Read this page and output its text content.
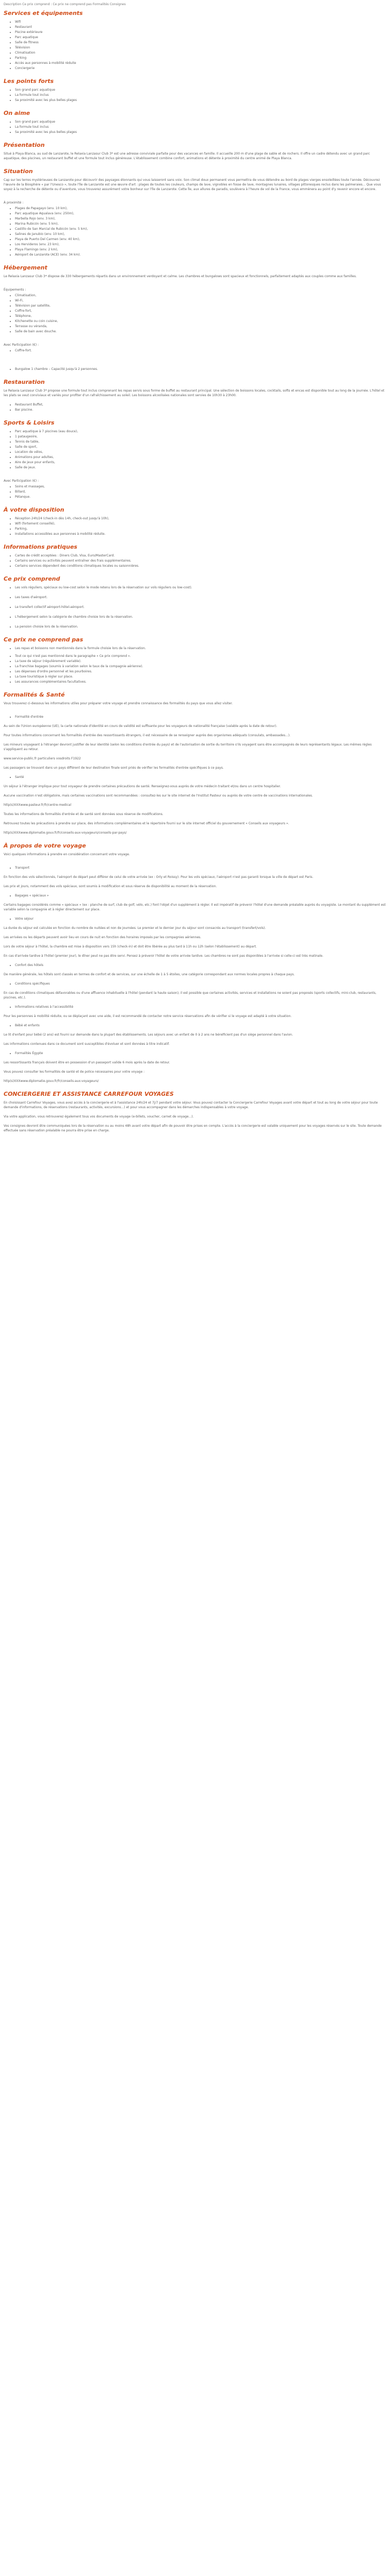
Description Ce prix comprend : Ce prix ne comprend pas Formalités Consignes
Services et équipements
• Wifi
• Restaurant
• Piscine extérieure
• Parc aquatique
• Salle de fitness
• Télévision
• Climatisation
• Parking
• Accès aux personnes à mobilité réduite
• Conciergerie
Les points forts
• Son grand parc aquatique
• La formule tout inclus
• Sa proximité avec les plus belles plages
On aime
• Son grand parc aquatique
• La formule tout inclus
• Sa proximité avec les plus belles plages
Présentation

Situé à Playa Blanca, au sud de Lanzarote, le Relaxia Lanzasur Club 3* est une adresse conviviale parfaite pour des vacances en famille. Il accueille 200 m d'une plage de sable et de rochers. Il offre un cadre détendu avec un grand parc aquatique, des piscines, un restaurant buffet et une formule tout inclus généreuse. L'établissement combine confort, animations et détente à proximité du centre animé de Playa Blanca.

Situation

Cap sur les terres mystérieuses de Lanzarote pour découvrir des paysages étonnants qui vous laisseront sans voix. Son climat doux permanent vous permettra de vous détendre au bord de plages vierges ensoleillées toute l'année. Découvrez l'œuvre de la Biosphère « par l'Unesco », toute l'île de Lanzarote est une œuvre d'art : plages de toutes les couleurs, champs de lave, vignobles en fosse de lave, montagnes lunaires, villages pittoresques reclus dans les palmeraies... Que vous soyez à la recherche de détente ou d'aventure, vous trouverez assurément votre bonheur sur l'île de Lanzarote. Cette île, aux allures de paradis, soulèvera à l'heure de vol de la France, vous emmènera au point d'y revenir encore et encore.

À proximité :

• Plages de Papagayo (env. 10 km),
• Parc aquatique Aqualava (env. 250m),
• Marbella Rojo (env. 3 km),
• Marina Rubicón (env. 5 km),
• Castillo de San Marcial de Rubicón (env. 5 km),
• Salines de Janubio (env. 10 km),
• Playa de Puerto Del Carmen (env. 40 km),
• Los Hervideros (env. 23 km),
• Playa Flamingo (env. 2 km),
• Aéroport de Lanzarote (ACE) (env. 34 km).
Hébergement

Le Relaxia Lanzasur Club 3* dispose de 330 hébergements répartis dans un environnement verdoyant et calme. Les chambres et bungalows sont spacieux et fonctionnels, parfaitement adaptés aux couples comme aux familles.

Équipements :

• Climatisation,
• Wi-Fi,
• Télévision par satellite,
• Coffre-fort,
• Téléphone,
• Kitchenette ou coin cuisine,
• Terrasse ou véranda,
• Salle de bain avec douche.

Avec Participation (€) :

• Coffre-fort.
• Bungalow 1 chambre – Capacité jusqu'à 2 personnes.
Restauration

Le Relaxia Lanzasur Club 3* propose une formule tout inclus comprenant les repas servis sous forme de buffet au restaurant principal. Une sélection de boissons locales, cocktails, softs et encas est disponible tout au long de la journée. L'hôtel et les plats se veut conviviaux et variés pour profiter d'un rafraîchissement au soleil. Les boissons alcoolisées nationales sont servies de 10h30 à 23h00.

• Restaurant Buffet,
• Bar piscine.
Sports & Loisirs
• Parc aquatique à 7 piscines (eau douce),
• 1 pataugeoire,
• Tennis de table,
• Salle de sport,
• Location de vélos,
• Animations pour adultes,
• Aire de jeux pour enfants,
• Salle de jeux.

Avec Participation (€) :

• Soins et massages,
• Billard,
• Pétanque.
À votre disposition
• Réception 24h/24 (check-in dès 14h, check-out jusqu'à 10h),
• Wifi (fortement conseillé),
• Parking,
• Installations accessibles aux personnes à mobilité réduite.
Informations pratiques
• Cartes de crédit acceptées : Diners Club, Visa, Euro/MasterCard.
• Certains services ou activités peuvent entraîner des frais supplémentaires.
• Certains services dépendent des conditions climatiques locales ou saisonnières.
Ce prix comprend
• Les vols réguliers, spéciaux ou low-cost selon le mode retenu lors de la réservation sur vols réguliers ou low-cost).
• Les taxes d'aéroport.
• Le transfert collectif aéroport-hôtel-aéroport.
• L'hébergement selon la catégorie de chambre choisie lors de la réservation.
• La pension choisie lors de la réservation.
Ce prix ne comprend pas
• Les repas et boissons non mentionnés dans la formule choisie lors de la réservation.
• Tout ce qui n'est pas mentionné dans le paragraphe « Ce prix comprend ».
• La taxe de séjour (régulièrement variable).
• La franchise bagages (soumis à variation selon le taux de la compagnie aérienne).
• Les dépenses d'ordre personnel et les pourboires.
• La taxe touristique à régler sur place.
• Les assurances complémentaires facultatives.
Formalités & Santé

Vous trouverez ci-dessous les informations utiles pour préparer votre voyage et prendre connaissance des formalités du pays que vous allez visiter.

• Formalité d'entrée

Au sein de l'Union européenne (UE), la carte nationale d'identité en cours de validité est suffisante pour les voyageurs de nationalité française (valable après la date de retour).

Pour toutes informations concernant les formalités d'entrée des ressortissants étrangers, il est nécessaire de se renseigner auprès des organismes adéquats (consulats, ambassades...).

Les mineurs voyageant à l'étranger devront justifier de leur identité (selon les conditions d'entrée du pays) et de l'autorisation de sortie du territoire s'ils voyagent sans être accompagnés de leurs représentants légaux. Les mêmes règles s'appliquent au retour.

www.service-public.fr particuliers vosdroits F1922

Les passagers se trouvant dans un pays différent de leur destination finale sont priés de vérifier les formalités d'entrée spécifiques à ce pays.

• Santé

Un séjour à l'étranger implique pour tout voyageur de prendre certaines précautions de santé. Renseignez-vous auprès de votre médecin traitant et/ou dans un centre hospitalier.

Aucune vaccination n'est obligatoire, mais certaines vaccinations sont recommandées : consultez-les sur le site internet de l'Institut Pasteur ou auprès de votre centre de vaccinations internationales.

http(s)XXXwww.pasteur.fr/fr/centre-medical

Toutes les informations de formalités d'entrée et de santé sont données sous réserve de modifications.

Retrouvez toutes les précautions à prendre sur place, des informations complémentaires et le répertoire fourni sur le site internet officiel du gouvernement « Conseils aux voyageurs ».

http(s)XXXwww.diplomatie.gouv.fr/fr/conseils-aux-voyageurs/conseils-par-pays/

À propos de votre voyage

Voici quelques informations à prendre en considération concernant votre voyage.

• Transport

En fonction des vols sélectionnés, l'aéroport de départ peut différer de celui de votre arrivée (ex : Orly et Roissy). Pour les vols spéciaux, l'aéroport n'est pas garanti lorsque la ville de départ est Paris.

Les prix et jours, notamment des vols spéciaux, sont soumis à modification et sous réserve de disponibilité au moment de la réservation.

• Bagages « spéciaux »

Certains bagages considérés comme « spéciaux » (ex : planche de surf, club de golf, vélo, etc.) font l'objet d'un supplément à régler. Il est impératif de prévenir l'hôtel d'une demande préalable auprès du voyagiste. Le montant du supplément est variable selon la compagnie et à régler directement sur place.

• Votre séjour

La durée du séjour est calculée en fonction du nombre de nuitées et non de journées. Le premier et le dernier jour du séjour sont consacrés au transport (transfert/vols).

Les arrivées ou les départs peuvent avoir lieu en cours de nuit en fonction des horaires imposés par les compagnies aériennes.

Lors de votre séjour à l'hôtel, la chambre est mise à disposition vers 15h (check-in) et doit être libérée au plus tard à 11h ou 12h (selon l'établissement) au départ.

En cas d'arrivée tardive à l'hôtel (premier jour), le dîner peut ne pas être servi. Pensez à prévenir l'hôtel de votre arrivée tardive. Les chambres ne sont pas disponibles à l'arrivée si celle-ci est très matinale.

• Confort des hôtels

De manière générale, les hôtels sont classés en termes de confort et de services, sur une échelle de 1 à 5 étoiles, une catégorie correspondant aux normes locales propres à chaque pays.

• Conditions spécifiques

En cas de conditions climatiques défavorables ou d'une affluence inhabituelle à l'hôtel (pendant la haute saison), il est possible que certaines activités, services et installations ne soient pas proposés (sports collectifs, mini-club, restaurants, piscines, etc.).

• Informations relatives à l'accessibilité

Pour les personnes à mobilité réduite, ou se déplaçant avec une aide, il est recommandé de contacter notre service réservations afin de vérifier si le voyage est adapté à votre situation.

• Bébé et enfants

Le lit d'enfant pour bébé (2 ans) est fourni sur demande dans la plupart des établissements. Les séjours avec un enfant de 0 à 2 ans ne bénéficient pas d'un siège personnel dans l'avion.

Les informations contenues dans ce document sont susceptibles d'évoluer et sont données à titre indicatif.

• Formalités Égypte

Les ressortissants français doivent être en possession d'un passeport valide 6 mois après la date de retour.

Vous pouvez consulter les formalités de santé et de police nécessaires pour votre voyage :

http(s)XXXwww.diplomatie.gouv.fr/fr/conseils-aux-voyageurs/

CONCIERGERIE ET ASSISTANCE CARREFOUR VOYAGES

En choisissant Carrefour Voyages, vous avez accès à la conciergerie et à l'assistance 24h/24 et 7j/7 pendant votre séjour. Vous pouvez contacter la Conciergerie Carrefour Voyages avant votre départ et tout au long de votre séjour pour toute demande d'informations, de réservations (restaurants, activités, excursions...) et pour vous accompagner dans les démarches indispensables à votre voyage.

Via votre application, vous retrouverez également tous vos documents de voyage (e-billets, voucher, carnet de voyage...).

Vos consignes devront être communiquées lors de la réservation ou au moins 48h avant votre départ afin de pouvoir être prises en compte. L'accès à la conciergerie est valable uniquement pour les voyages réservés sur le site. Toute demande effectuée sans réservation préalable ne pourra être prise en charge.
